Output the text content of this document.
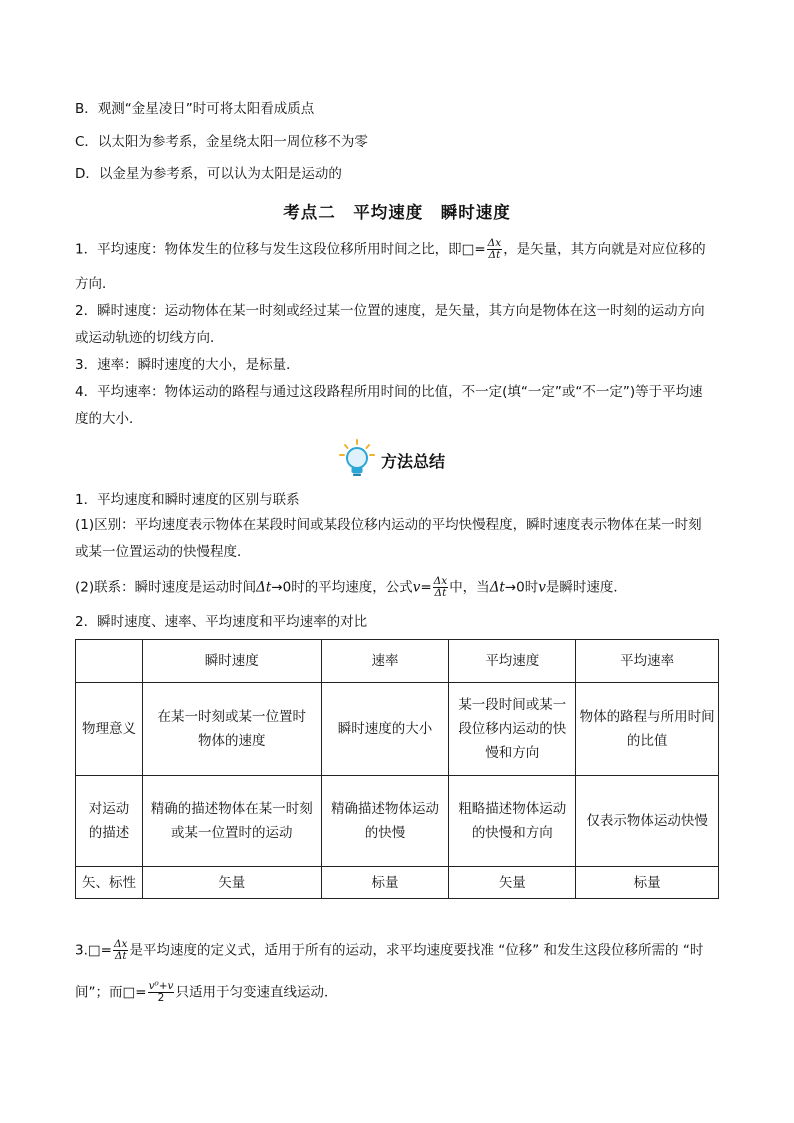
B．观测“金星凌日”时可将太阳看成质点
C．以太阳为参考系，金星绕太阳一周位移不为零
D．以金星为参考系，可以认为太阳是运动的
考点二　平均速度　瞬时速度
1．平均速度：物体发生的位移与发生这段位移所用时间之比，即□= $\frac{\Delta x}{\Delta t}$ ，是矢量，其方向就是对应位移的
方向．
2．瞬时速度：运动物体在某一时刻或经过某一位置的速度，是矢量，其方向是物体在这一时刻的运动方向
或运动轨迹的切线方向．
3．速率：瞬时速度的大小，是标量．
4．平均速率：物体运动的路程与通过这段路程所用时间的比值，不一定(填“一定”或“不一定”)等于平均速
度的大小．
方法总结
1．平均速度和瞬时速度的区别与联系
(1)区别：平均速度表示物体在某段时间或某段位移内运动的平均快慢程度，瞬时速度表示物体在某一时刻
或某一位置运动的快慢程度．
(2)联系：瞬时速度是运动时间Δt→0时的平均速度，公式$v= \frac{\Delta x}{\Delta t}$ 中，当Δt→0时v是瞬时速度．
2．瞬时速度、速率、平均速度和平均速率的对比
	瞬时速度	速率	平均速度	平均速率
物理意义	在某一时刻或某一位置时物体的速度	瞬时速度的大小	某一段时间或某一段位移内运动的快慢和方向	物体的路程与所用时间的比值
对运动的描述	精确的描述物体在某一时刻或某一位置时的运动	精确描述物体运动的快慢	粗略描述物体运动的快慢和方向	仅表示物体运动快慢
矢、标性	矢量	标量	矢量	标量
3.□= $\frac{\Delta x}{\Delta t}$ 是平均速度的定义式，适用于所有的运动，求平均速度要找准 “位移” 和发生这段位移所需的 “时
间”；而□= $\frac{\text{v⁰+v}}{2}$ 只适用于匀变速直线运动．
